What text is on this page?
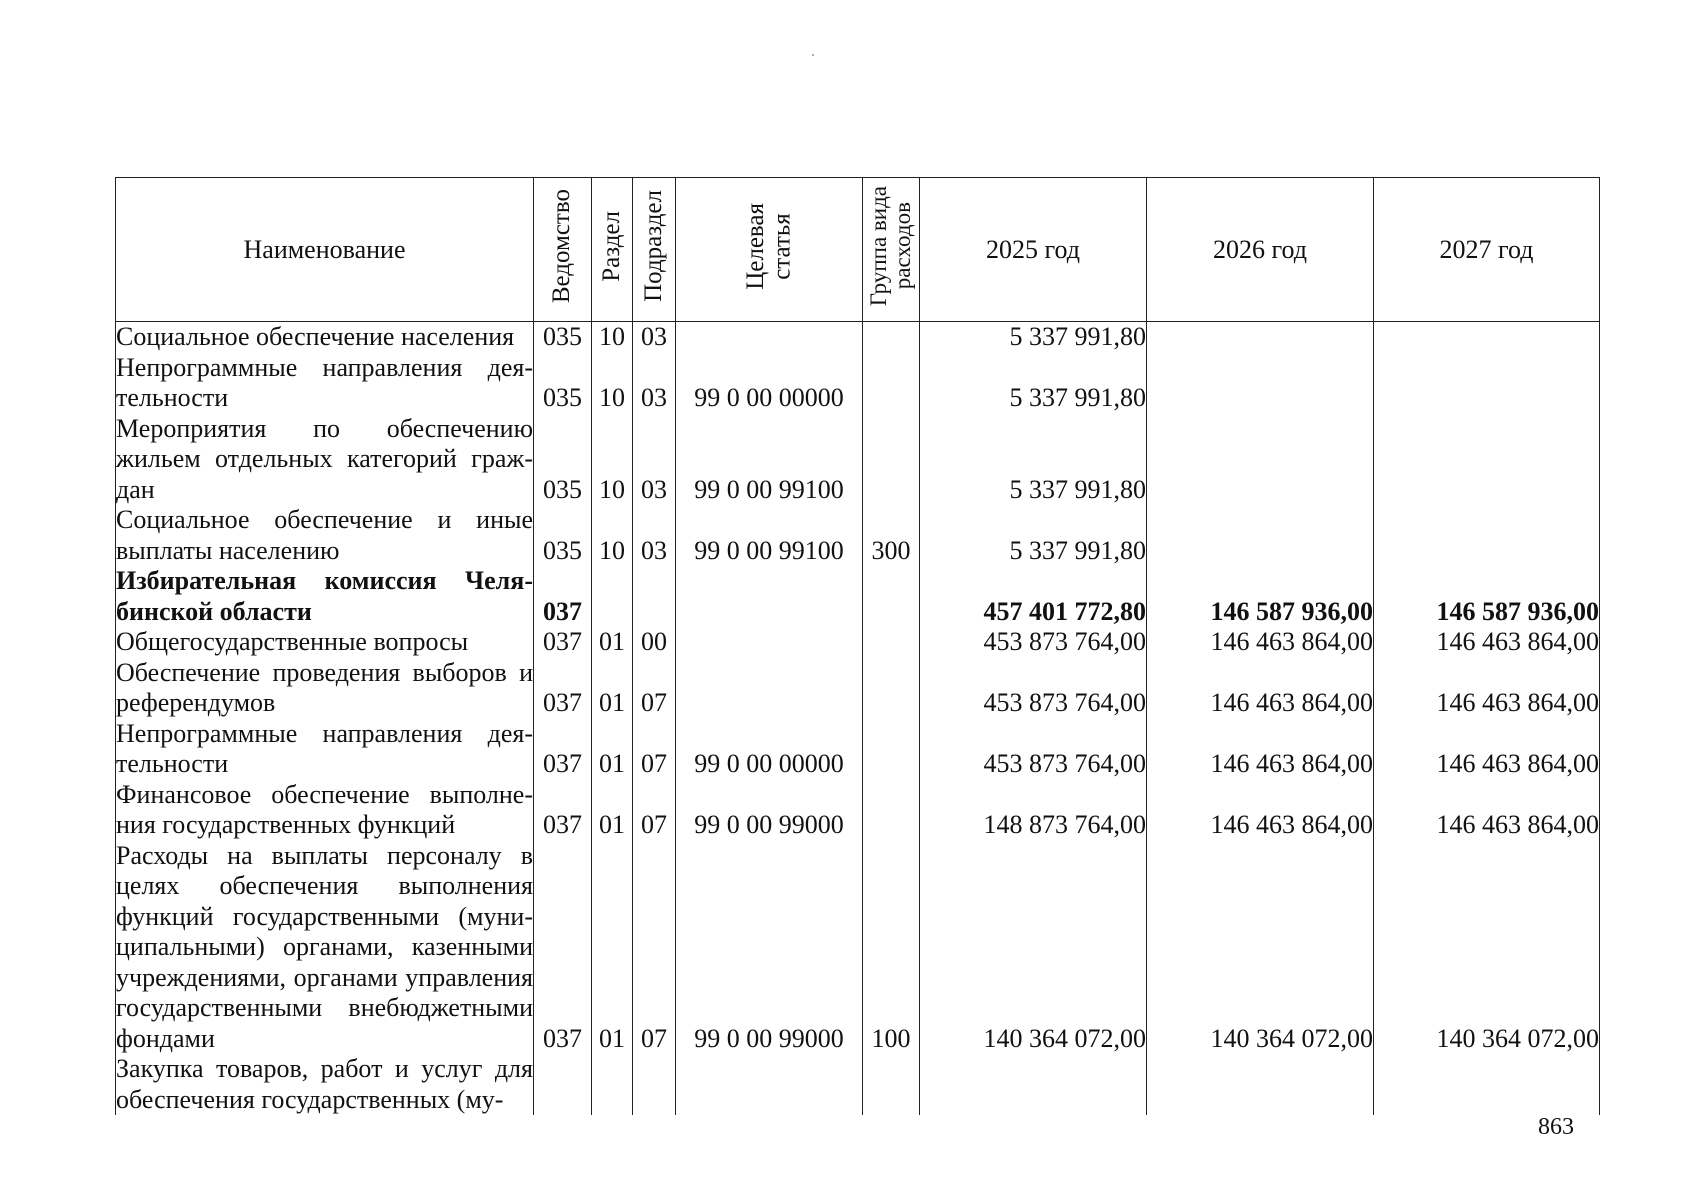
Наименование	Ведомство	Раздел	Подраздел	Целевая
статья	Группа вида
расходов	2025 год	2026 год	2027 год
Социальное обеспечение населения	035	10	03			5 337 991,80		
Непрограммные направления деятельности	035	10	03	99 0 00 00000		5 337 991,80		
Мероприятия по обеспечению жильем отдельных категорий граждан	035	10	03	99 0 00 99100		5 337 991,80		
Социальное обеспечение и иные выплаты населению	035	10	03	99 0 00 99100	300	5 337 991,80		
Избирательная комиссия Челябинской области	037					457 401 772,80	146 587 936,00	146 587 936,00
Общегосударственные вопросы	037	01	00			453 873 764,00	146 463 864,00	146 463 864,00
Обеспечение проведения выборов и референдумов	037	01	07			453 873 764,00	146 463 864,00	146 463 864,00
Непрограммные направления деятельности	037	01	07	99 0 00 00000		453 873 764,00	146 463 864,00	146 463 864,00
Финансовое обеспечение выполнения государственных функций	037	01	07	99 0 00 99000		148 873 764,00	146 463 864,00	146 463 864,00
Расходы на выплаты персоналу в целях обеспечения выполнения функций государственными (муниципальными) органами, казенными учреждениями, органами управления государственными внебюджетными фондами	037	01	07	99 0 00 99000	100	140 364 072,00	140 364 072,00	140 364 072,00
Закупка товаров, работ и услуг для обеспечения государственных (му-								
863
